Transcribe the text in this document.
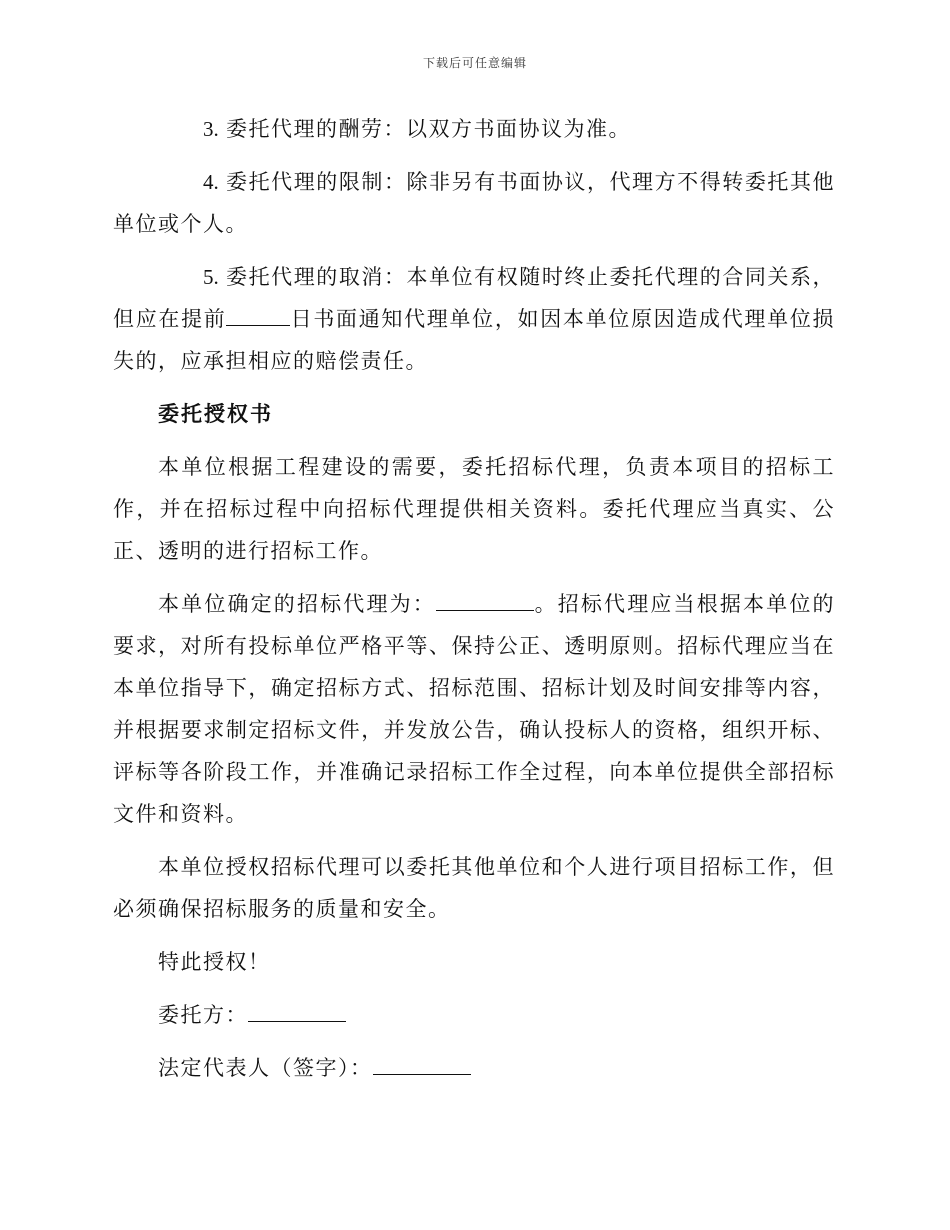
下载后可任意编辑

3. 委托代理的酬劳：以双方书面协议为准。

4. 委托代理的限制：除非另有书面协议，代理方不得转委托其他单位或个人。

5. 委托代理的取消：本单位有权随时终止委托代理的合同关系，但应在提前	日书面通知代理单位，如因本单位原因造成代理单位损失的，应承担相应的赔偿责任。

委托授权书

本单位根据工程建设的需要，委托招标代理，负责本项目的招标工作，并在招标过程中向招标代理提供相关资料。委托代理应当真实、公正、透明的进行招标工作。

本单位确定的招标代理为：	。招标代理应当根据本单位的要求，对所有投标单位严格平等、保持公正、透明原则。招标代理应当在本单位指导下，确定招标方式、招标范围、招标计划及时间安排等内容，并根据要求制定招标文件，并发放公告，确认投标人的资格，组织开标、评标等各阶段工作，并准确记录招标工作全过程，向本单位提供全部招标文件和资料。

本单位授权招标代理可以委托其他单位和个人进行项目招标工作，但必须确保招标服务的质量和安全。

特此授权！

委托方：

法定代表人（签字）：
